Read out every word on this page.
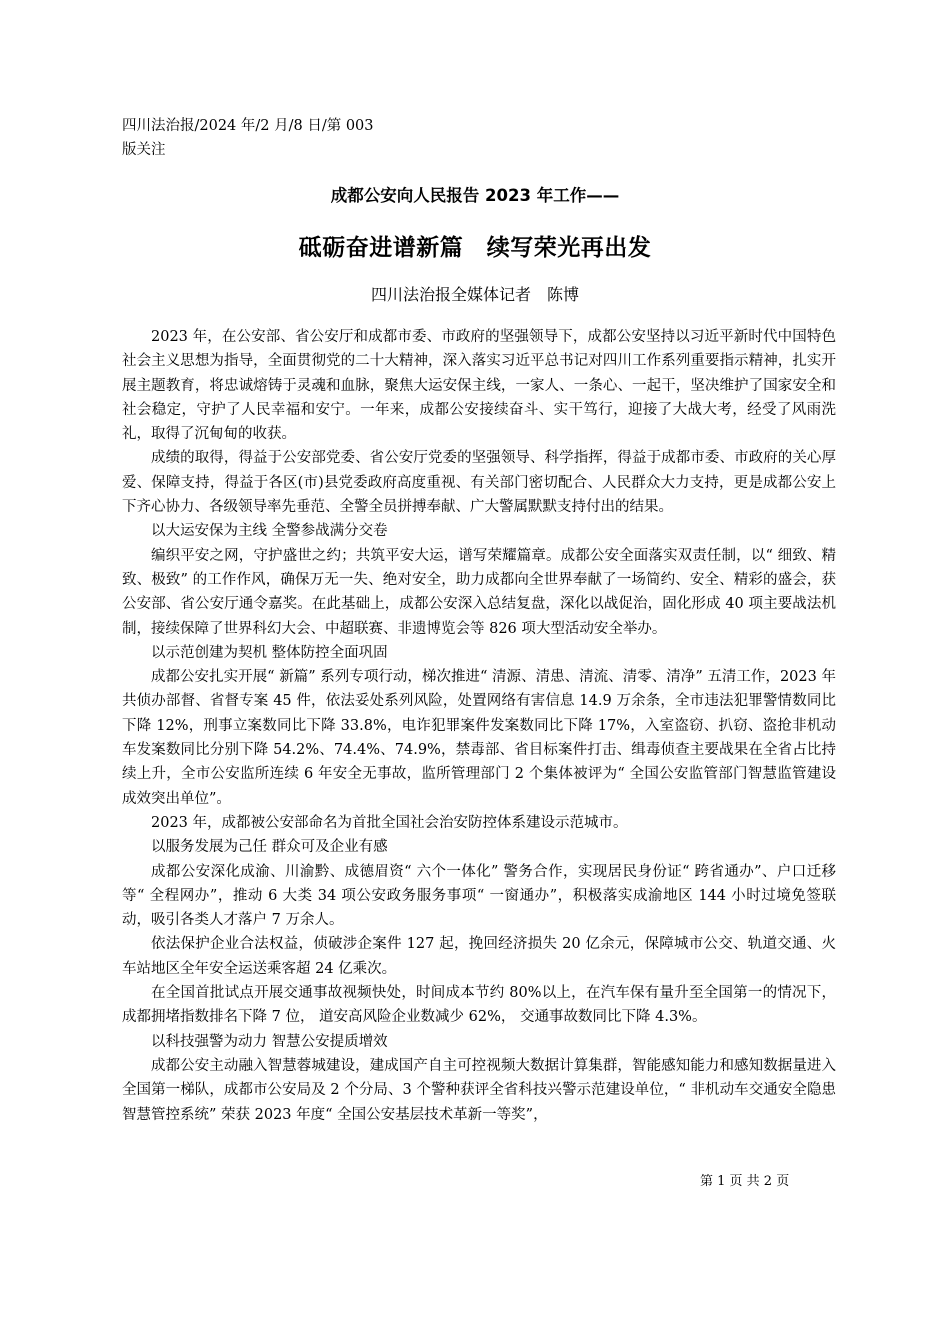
四川法治报/2024 年/2 月/8 日/第 003
版关注
成都公安向人民报告 2023 年工作——
砥砺奋进谱新篇　续写荣光再出发
四川法治报全媒体记者　陈博

2023 年，在公安部、省公安厅和成都市委、市政府的坚强领导下，成都公安坚持以习近平新时代中国特色社会主义思想为指导，全面贯彻党的二十大精神，深入落实习近平总书记对四川工作系列重要指示精神，扎实开展主题教育，将忠诚熔铸于灵魂和血脉，聚焦大运安保主线，一家人、一条心、一起干，坚决维护了国家安全和社会稳定，守护了人民幸福和安宁。一年来，成都公安接续奋斗、实干笃行，迎接了大战大考，经受了风雨洗礼，取得了沉甸甸的收获。

成绩的取得，得益于公安部党委、省公安厅党委的坚强领导、科学指挥，得益于成都市委、市政府的关心厚爱、保障支持，得益于各区(市)县党委政府高度重视、有关部门密切配合、人民群众大力支持，更是成都公安上下齐心协力、各级领导率先垂范、全警全员拼搏奉献、广大警属默默支持付出的结果。

以大运安保为主线 全警参战满分交卷

编织平安之网，守护盛世之约；共筑平安大运，谱写荣耀篇章。成都公安全面落实双责任制，以“ 细致、精致、极致” 的工作作风，确保万无一失、绝对安全，助力成都向全世界奉献了一场简约、安全、精彩的盛会，获公安部、省公安厅通令嘉奖。在此基础上，成都公安深入总结复盘，深化以战促治，固化形成 40 项主要战法机制，接续保障了世界科幻大会、中超联赛、非遗博览会等 826 项大型活动安全举办。

以示范创建为契机 整体防控全面巩固

成都公安扎实开展“ 新篇” 系列专项行动，梯次推进“ 清源、清患、清流、清零、清净” 五清工作，2023 年共侦办部督、省督专案 45 件，依法妥处系列风险，处置网络有害信息 14.9 万余条，全市违法犯罪警情数同比下降 12%，刑事立案数同比下降 33.8%，电诈犯罪案件发案数同比下降 17%，入室盗窃、扒窃、盗抢非机动车发案数同比分别下降 54.2%、74.4%、74.9%，禁毒部、省目标案件打击、缉毒侦查主要战果在全省占比持续上升，全市公安监所连续 6 年安全无事故，监所管理部门 2 个集体被评为“ 全国公安监管部门智慧监管建设成效突出单位”。

2023 年，成都被公安部命名为首批全国社会治安防控体系建设示范城市。

以服务发展为己任 群众可及企业有感

成都公安深化成渝、川渝黔、成德眉资“ 六个一体化” 警务合作，实现居民身份证“ 跨省通办”、户口迁移等“ 全程网办”，推动 6 大类 34 项公安政务服务事项“ 一窗通办”，积极落实成渝地区 144 小时过境免签联动，吸引各类人才落户 7 万余人。

依法保护企业合法权益，侦破涉企案件 127 起，挽回经济损失 20 亿余元，保障城市公交、轨道交通、火车站地区全年安全运送乘客超 24 亿乘次。

在全国首批试点开展交通事故视频快处，时间成本节约 80%以上，在汽车保有量升至全国第一的情况下，成都拥堵指数排名下降 7 位， 道安高风险企业数减少 62%， 交通事故数同比下降 4.3%。

以科技强警为动力 智慧公安提质增效

成都公安主动融入智慧蓉城建设，建成国产自主可控视频大数据计算集群，智能感知能力和感知数据量进入全国第一梯队，成都市公安局及 2 个分局、3 个警种获评全省科技兴警示范建设单位，“ 非机动车交通安全隐患智慧管控系统” 荣获 2023 年度“ 全国公安基层技术革新一等奖”，

第 1 页 共 2 页
